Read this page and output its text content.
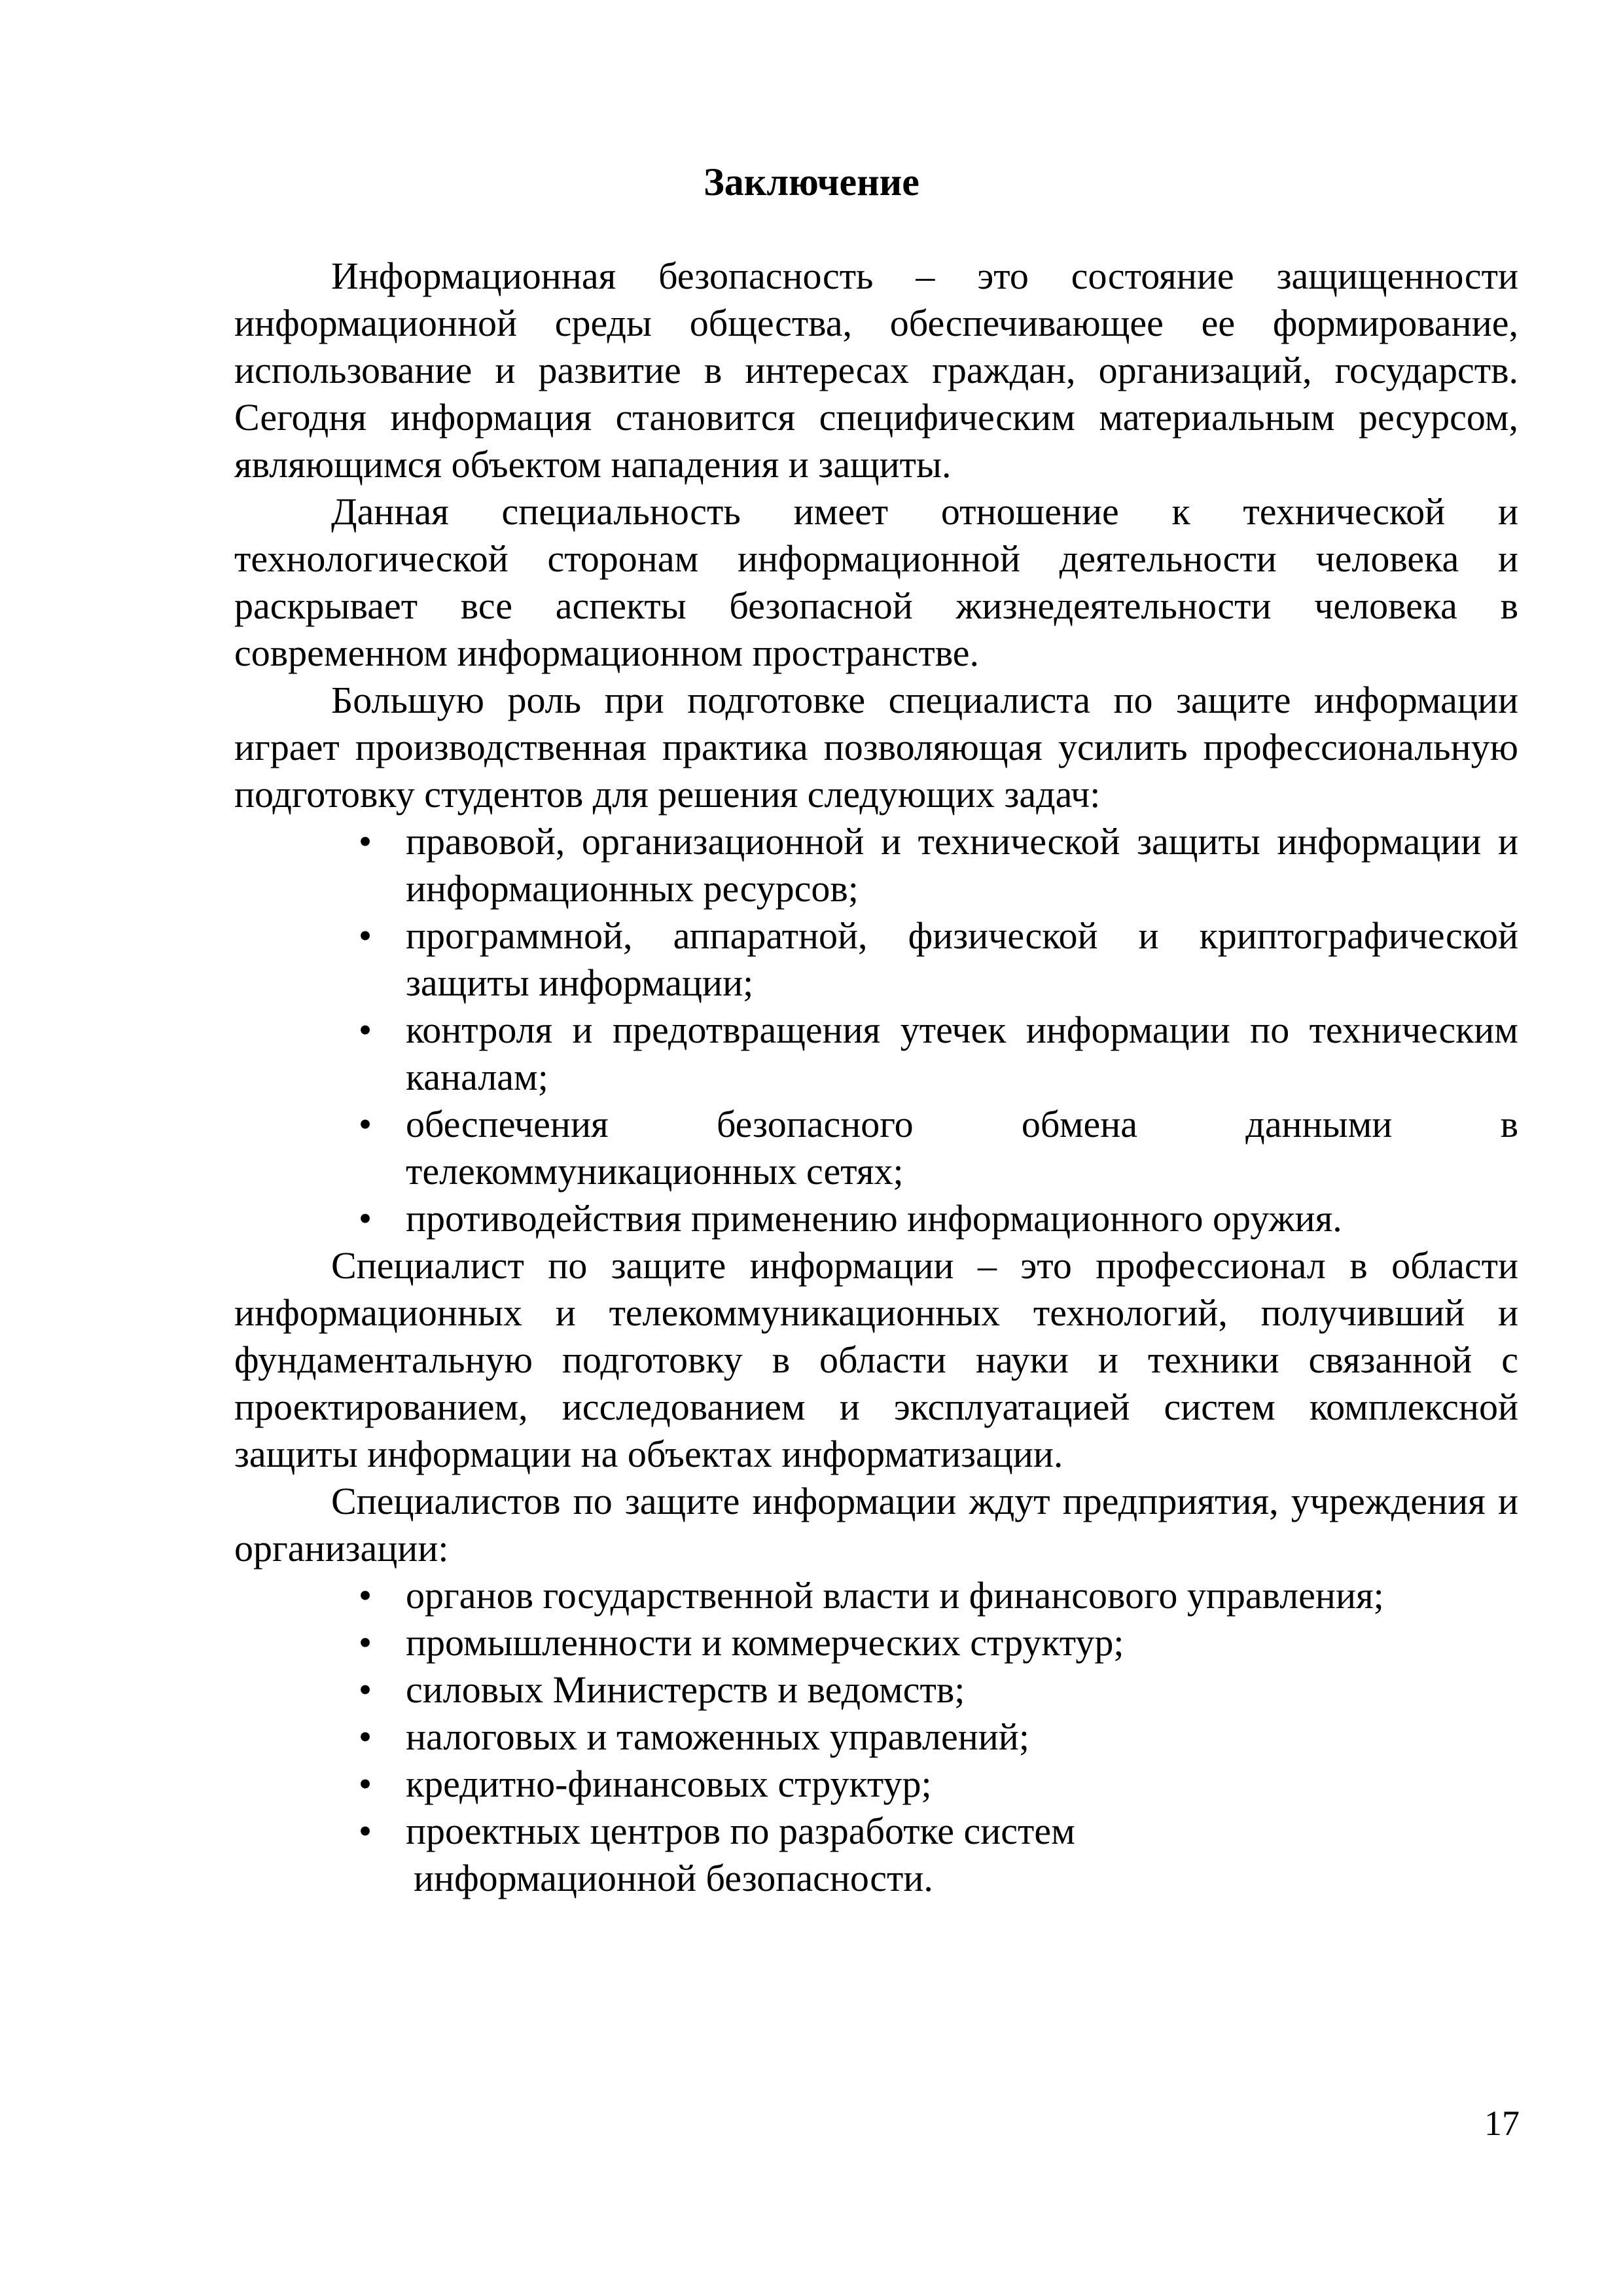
Заключение

Информационная безопасность – это состояние защищенности информационной среды общества, обеспечивающее ее формирование, использование и развитие в интересах граждан, организаций, государств. Сегодня информация становится специфическим материальным ресурсом, являющимся объектом нападения и защиты.

Данная специальность имеет отношение к технической и технологической сторонам информационной деятельности человека и раскрывает все аспекты безопасной жизнедеятельности человека в современном информационном пространстве.

Большую роль при подготовке специалиста по защите информации играет производственная практика позволяющая усилить профессиональную подготовку студентов для решения следующих задач:

• правовой, организационной и технической защиты информации и информационных ресурсов;
• программной, аппаратной, физической и криптографической защиты информации;
• контроля и предотвращения утечек информации по техническим каналам;
• обеспечения безопасного обмена данными в телекоммуникационных сетях;
• противодействия применению информационного оружия.

Специалист по защите информации – это профессионал в области информационных и телекоммуникационных технологий, получивший и фундаментальную подготовку в области науки и техники связанной с проектированием, исследованием и эксплуатацией систем комплексной защиты информации на объектах информатизации.

Специалистов по защите информации ждут предприятия, учреждения и организации:

• органов государственной власти и финансового управления;
• промышленности и коммерческих структур;
• силовых Министерств и ведомств;
• налоговых и таможенных управлений;
• кредитно-финансовых структур;
• проектных центров по разработке систем
информационной безопасности.
17
